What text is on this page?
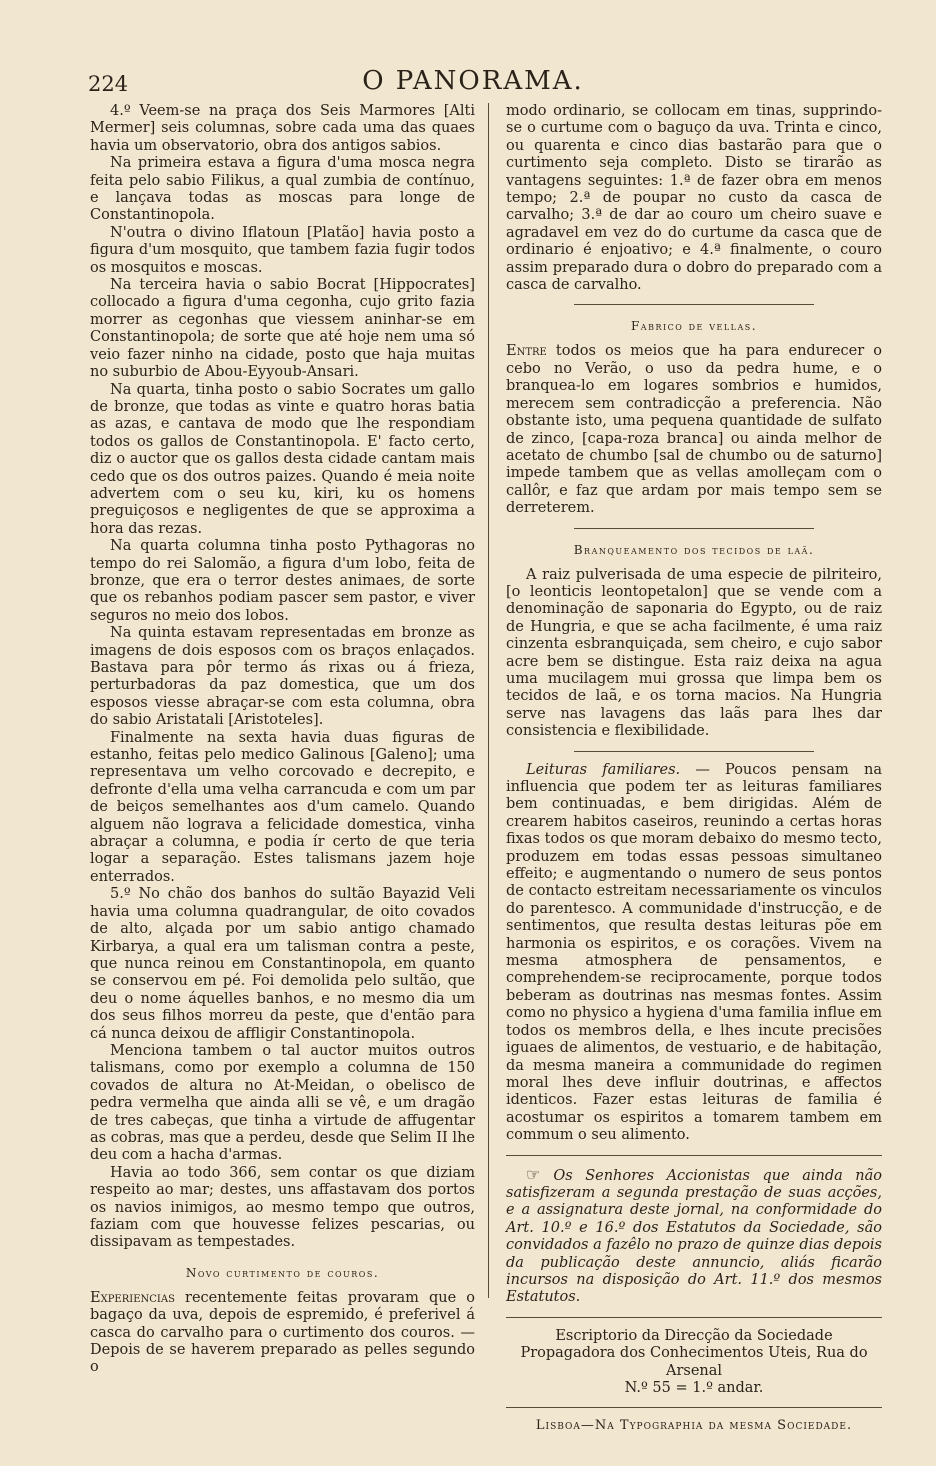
224	O PANORAMA.

4.º Veem-se na praça dos Seis Marmores [Alti Mermer] seis columnas, sobre cada uma das quaes havia um observatorio, obra dos antigos sabios.

Na primeira estava a figura d'uma mosca negra feita pelo sabio Filikus, a qual zumbia de contínuo, e lançava todas as moscas para longe de Constantinopola.

N'outra o divino Iflatoun [Platão] havia posto a figura d'um mosquito, que tambem fazia fugir todos os mosquitos e moscas.

Na terceira havia o sabio Bocrat [Hippocrates] collocado a figura d'uma cegonha, cujo grito fazia morrer as cegonhas que viessem aninhar-se em Constantinopola; de sorte que até hoje nem uma só veio fazer ninho na cidade, posto que haja muitas no suburbio de Abou-Eyyoub-Ansari.

Na quarta, tinha posto o sabio Socrates um gallo de bronze, que todas as vinte e quatro horas batia as azas, e cantava de modo que lhe respondiam todos os gallos de Constantinopola. E' facto certo, diz o auctor que os gallos desta cidade cantam mais cedo que os dos outros paizes. Quando é meia noite advertem com o seu ku, kiri, ku os homens preguiçosos e negligentes de que se approxima a hora das rezas.

Na quarta columna tinha posto Pythagoras no tempo do rei Salomão, a figura d'um lobo, feita de bronze, que era o terror destes animaes, de sorte que os rebanhos podiam pascer sem pastor, e viver seguros no meio dos lobos.

Na quinta estavam representadas em bronze as imagens de dois esposos com os braços enlaçados. Bastava para pôr termo ás rixas ou á frieza, perturbadoras da paz domestica, que um dos esposos viesse abraçar-se com esta columna, obra do sabio Aristatali [Aristoteles].

Finalmente na sexta havia duas figuras de estanho, feitas pelo medico Galinous [Galeno]; uma representava um velho corcovado e decrepito, e defronte d'ella uma velha carrancuda e com um par de beiços semelhantes aos d'um camelo. Quando alguem não lograva a felicidade domestica, vinha abraçar a columna, e podia ír certo de que teria logar a separação. Estes talismans jazem hoje enterrados.

5.º No chão dos banhos do sultão Bayazid Veli havia uma columna quadrangular, de oito covados de alto, alçada por um sabio antigo chamado Kirbarya, a qual era um talisman contra a peste, que nunca reinou em Constantinopola, em quanto se conservou em pé. Foi demolida pelo sultão, que deu o nome áquelles banhos, e no mesmo dia um dos seus filhos morreu da peste, que d'então para cá nunca deixou de affligir Constantinopola.

Menciona tambem o tal auctor muitos outros talismans, como por exemplo a columna de 150 covados de altura no At-Meidan, o obelisco de pedra vermelha que ainda alli se vê, e um dragão de tres cabeças, que tinha a virtude de affugentar as cobras, mas que a perdeu, desde que Selim II lhe deu com a hacha d'armas.

Havia ao todo 366, sem contar os que diziam respeito ao mar; destes, uns affastavam dos portos os navios inimigos, ao mesmo tempo que outros, faziam com que houvesse felizes pescarias, ou dissipavam as tempestades.

Novo curtimento de couros.

Experiencias recentemente feitas provaram que o bagaço da uva, depois de espremido, é preferivel á casca do carvalho para o curtimento dos couros. — Depois de se haverem preparado as pelles segundo o

modo ordinario, se collocam em tinas, supprindo-se o curtume com o baguço da uva. Trinta e cinco, ou quarenta e cinco dias bastarão para que o curtimento seja completo. Disto se tirarão as vantagens seguintes: 1.ª de fazer obra em menos tempo; 2.ª de poupar no custo da casca de carvalho; 3.ª de dar ao couro um cheiro suave e agradavel em vez do do curtume da casca que de ordinario é enjoativo; e 4.ª finalmente, o couro assim preparado dura o dobro do preparado com a casca de carvalho.

Fabrico de vellas.

Entre todos os meios que ha para endurecer o cebo no Verão, o uso da pedra hume, e o branquea-lo em logares sombrios e humidos, merecem sem contradicção a preferencia. Não obstante isto, uma pequena quantidade de sulfato de zinco, [capa-roza branca] ou ainda melhor de acetato de chumbo [sal de chumbo ou de saturno] impede tambem que as vellas amolleçam com o callôr, e faz que ardam por mais tempo sem se derreterem.

Branqueamento dos tecidos de laã.

A raiz pulverisada de uma especie de pilriteiro, [o leonticis leontopetalon] que se vende com a denominação de saponaria do Egypto, ou de raiz de Hungria, e que se acha facilmente, é uma raiz cinzenta esbranquiçada, sem cheiro, e cujo sabor acre bem se distingue. Esta raiz deixa na agua uma mucilagem mui grossa que limpa bem os tecidos de laã, e os torna macios. Na Hungria serve nas lavagens das laãs para lhes dar consistencia e flexibilidade.

Leituras familiares. — Poucos pensam na influencia que podem ter as leituras familiares bem continuadas, e bem dirigidas. Além de crearem habitos caseiros, reunindo a certas horas fixas todos os que moram debaixo do mesmo tecto, produzem em todas essas pessoas simultaneo effeito; e augmentando o numero de seus pontos de contacto estreitam necessariamente os vinculos do parentesco. A communidade d'instrucção, e de sentimentos, que resulta destas leituras põe em harmonia os espiritos, e os corações. Vivem na mesma atmosphera de pensamentos, e comprehendem-se reciprocamente, porque todos beberam as doutrinas nas mesmas fontes. Assim como no physico a hygiena d'uma familia influe em todos os membros della, e lhes incute precisões iguaes de alimentos, de vestuario, e de habitação, da mesma maneira a communidade do regimen moral lhes deve influir doutrinas, e affectos identicos. Fazer estas leituras de familia é acostumar os espiritos a tomarem tambem em commum o seu alimento.

☞ Os Senhores Accionistas que ainda não satisfizeram a segunda prestação de suas acções, e a assignatura deste jornal, na conformidade do Art. 10.º e 16.º dos Estatutos da Sociedade, são convidados a fazêlo no prazo de quinze dias depois da publicação deste annuncio, aliás ficarão incursos na disposição do Art. 11.º dos mesmos Estatutos.

Escriptorio da Direcção da Sociedade Propagadora dos Conhecimentos Uteis, Rua do Arsenal

N.º 55 = 1.º andar.

Lisboa—Na Typographia da mesma Sociedade.
